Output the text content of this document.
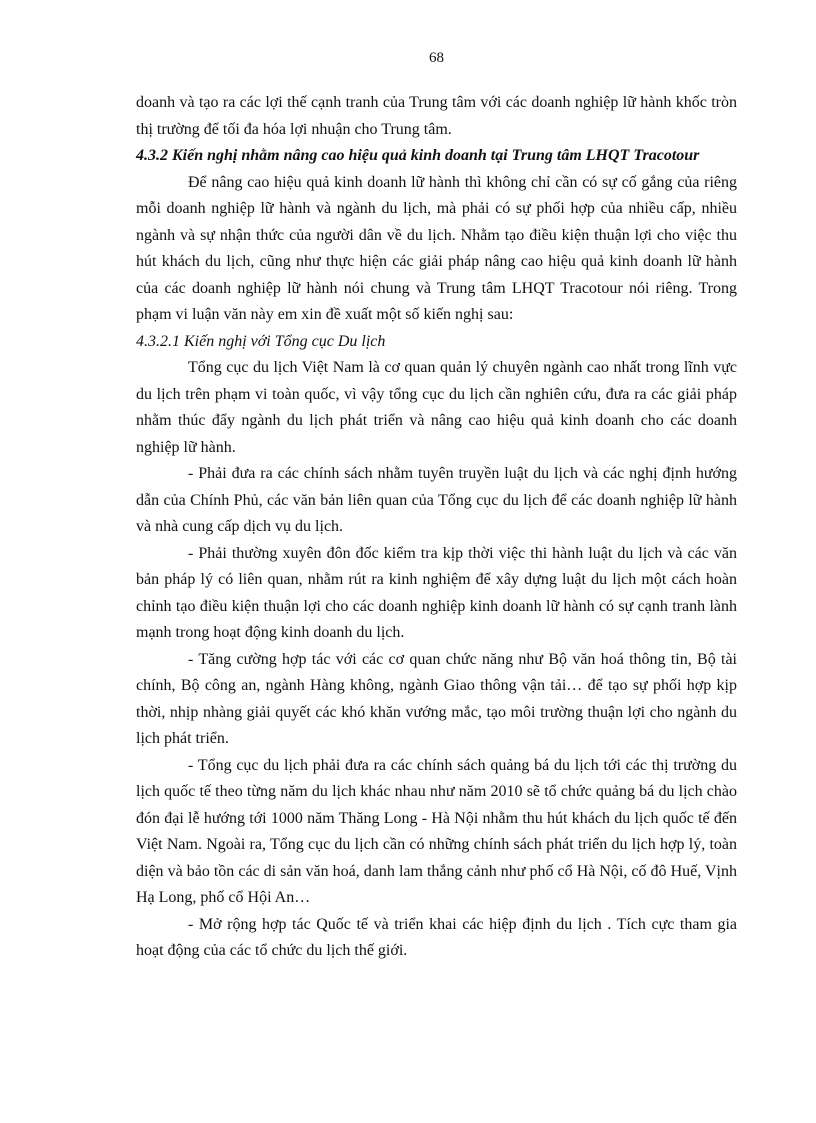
68

doanh và tạo ra các lợi thế cạnh tranh của Trung tâm với các doanh nghiệp lữ hành khốc tròn thị trường để tối đa hóa lợi nhuận cho Trung tâm.

4.3.2 Kiến nghị nhằm nâng cao hiệu quả kinh doanh tại Trung tâm LHQT Tracotour

Để nâng cao hiệu quả kinh doanh lữ hành thì không chỉ cần có sự cố gắng của riêng mỗi doanh nghiệp lữ hành và ngành du lịch, mà phải có sự phối hợp của nhiều cấp, nhiều ngành và sự nhận thức của người dân về du lịch. Nhằm tạo điều kiện thuận lợi cho việc thu hút khách du lịch, cũng như thực hiện các giải pháp nâng cao hiệu quả kinh doanh lữ hành của các doanh nghiệp lữ hành nói chung và Trung tâm LHQT Tracotour nói riêng. Trong phạm vi luận văn này em xin đề xuất một số kiến nghị sau:

4.3.2.1 Kiến nghị với Tổng cục Du lịch

Tổng cục du lịch Việt Nam là cơ quan quản lý chuyên ngành cao nhất trong lĩnh vực du lịch trên phạm vi toàn quốc, vì vậy tổng cục du lịch cần nghiên cứu, đưa ra các giải pháp nhằm thúc đẩy ngành du lịch phát triển và nâng cao hiệu quả kinh doanh cho các doanh nghiệp lữ hành.

- Phải đưa ra các chính sách nhằm tuyên truyền luật du lịch và các nghị định hướng dẫn của Chính Phủ, các văn bản liên quan của Tổng cục du lịch để các doanh nghiệp lữ hành và nhà cung cấp dịch vụ du lịch.

- Phải thường xuyên đôn đốc kiểm tra kịp thời việc thi hành luật du lịch và các văn bản pháp lý có liên quan, nhằm rút ra kinh nghiệm để xây dựng luật du lịch một cách hoàn chỉnh tạo điều kiện thuận lợi cho các doanh nghiệp kinh doanh lữ hành có sự cạnh tranh lành mạnh trong hoạt động kinh doanh du lịch.

- Tăng cường hợp tác với các cơ quan chức năng như Bộ văn hoá thông tin, Bộ tài chính, Bộ công an, ngành Hàng không, ngành Giao thông vận tải… để tạo sự phối hợp kịp thời, nhịp nhàng giải quyết các khó khăn vướng mắc, tạo môi trường thuận lợi cho ngành du lịch phát triển.

- Tổng cục du lịch phải đưa ra các chính sách quảng bá du lịch tới các thị trường du lịch quốc tế theo từng năm du lịch khác nhau như năm 2010 sẽ tổ chức quảng bá du lịch chào đón đại lễ hướng tới 1000 năm Thăng Long - Hà Nội nhằm thu hút khách du lịch quốc tế đến Việt Nam. Ngoài ra, Tổng cục du lịch cần có những chính sách phát triển du lịch hợp lý, toàn diện và bảo tồn các di sản văn hoá, danh lam thắng cảnh như phố cổ Hà Nội, cố đô Huế, Vịnh Hạ Long, phố cổ Hội An…

- Mở rộng hợp tác Quốc tế và triển khai các hiệp định du lịch . Tích cực tham gia hoạt động của các tổ chức du lịch thế giới.
